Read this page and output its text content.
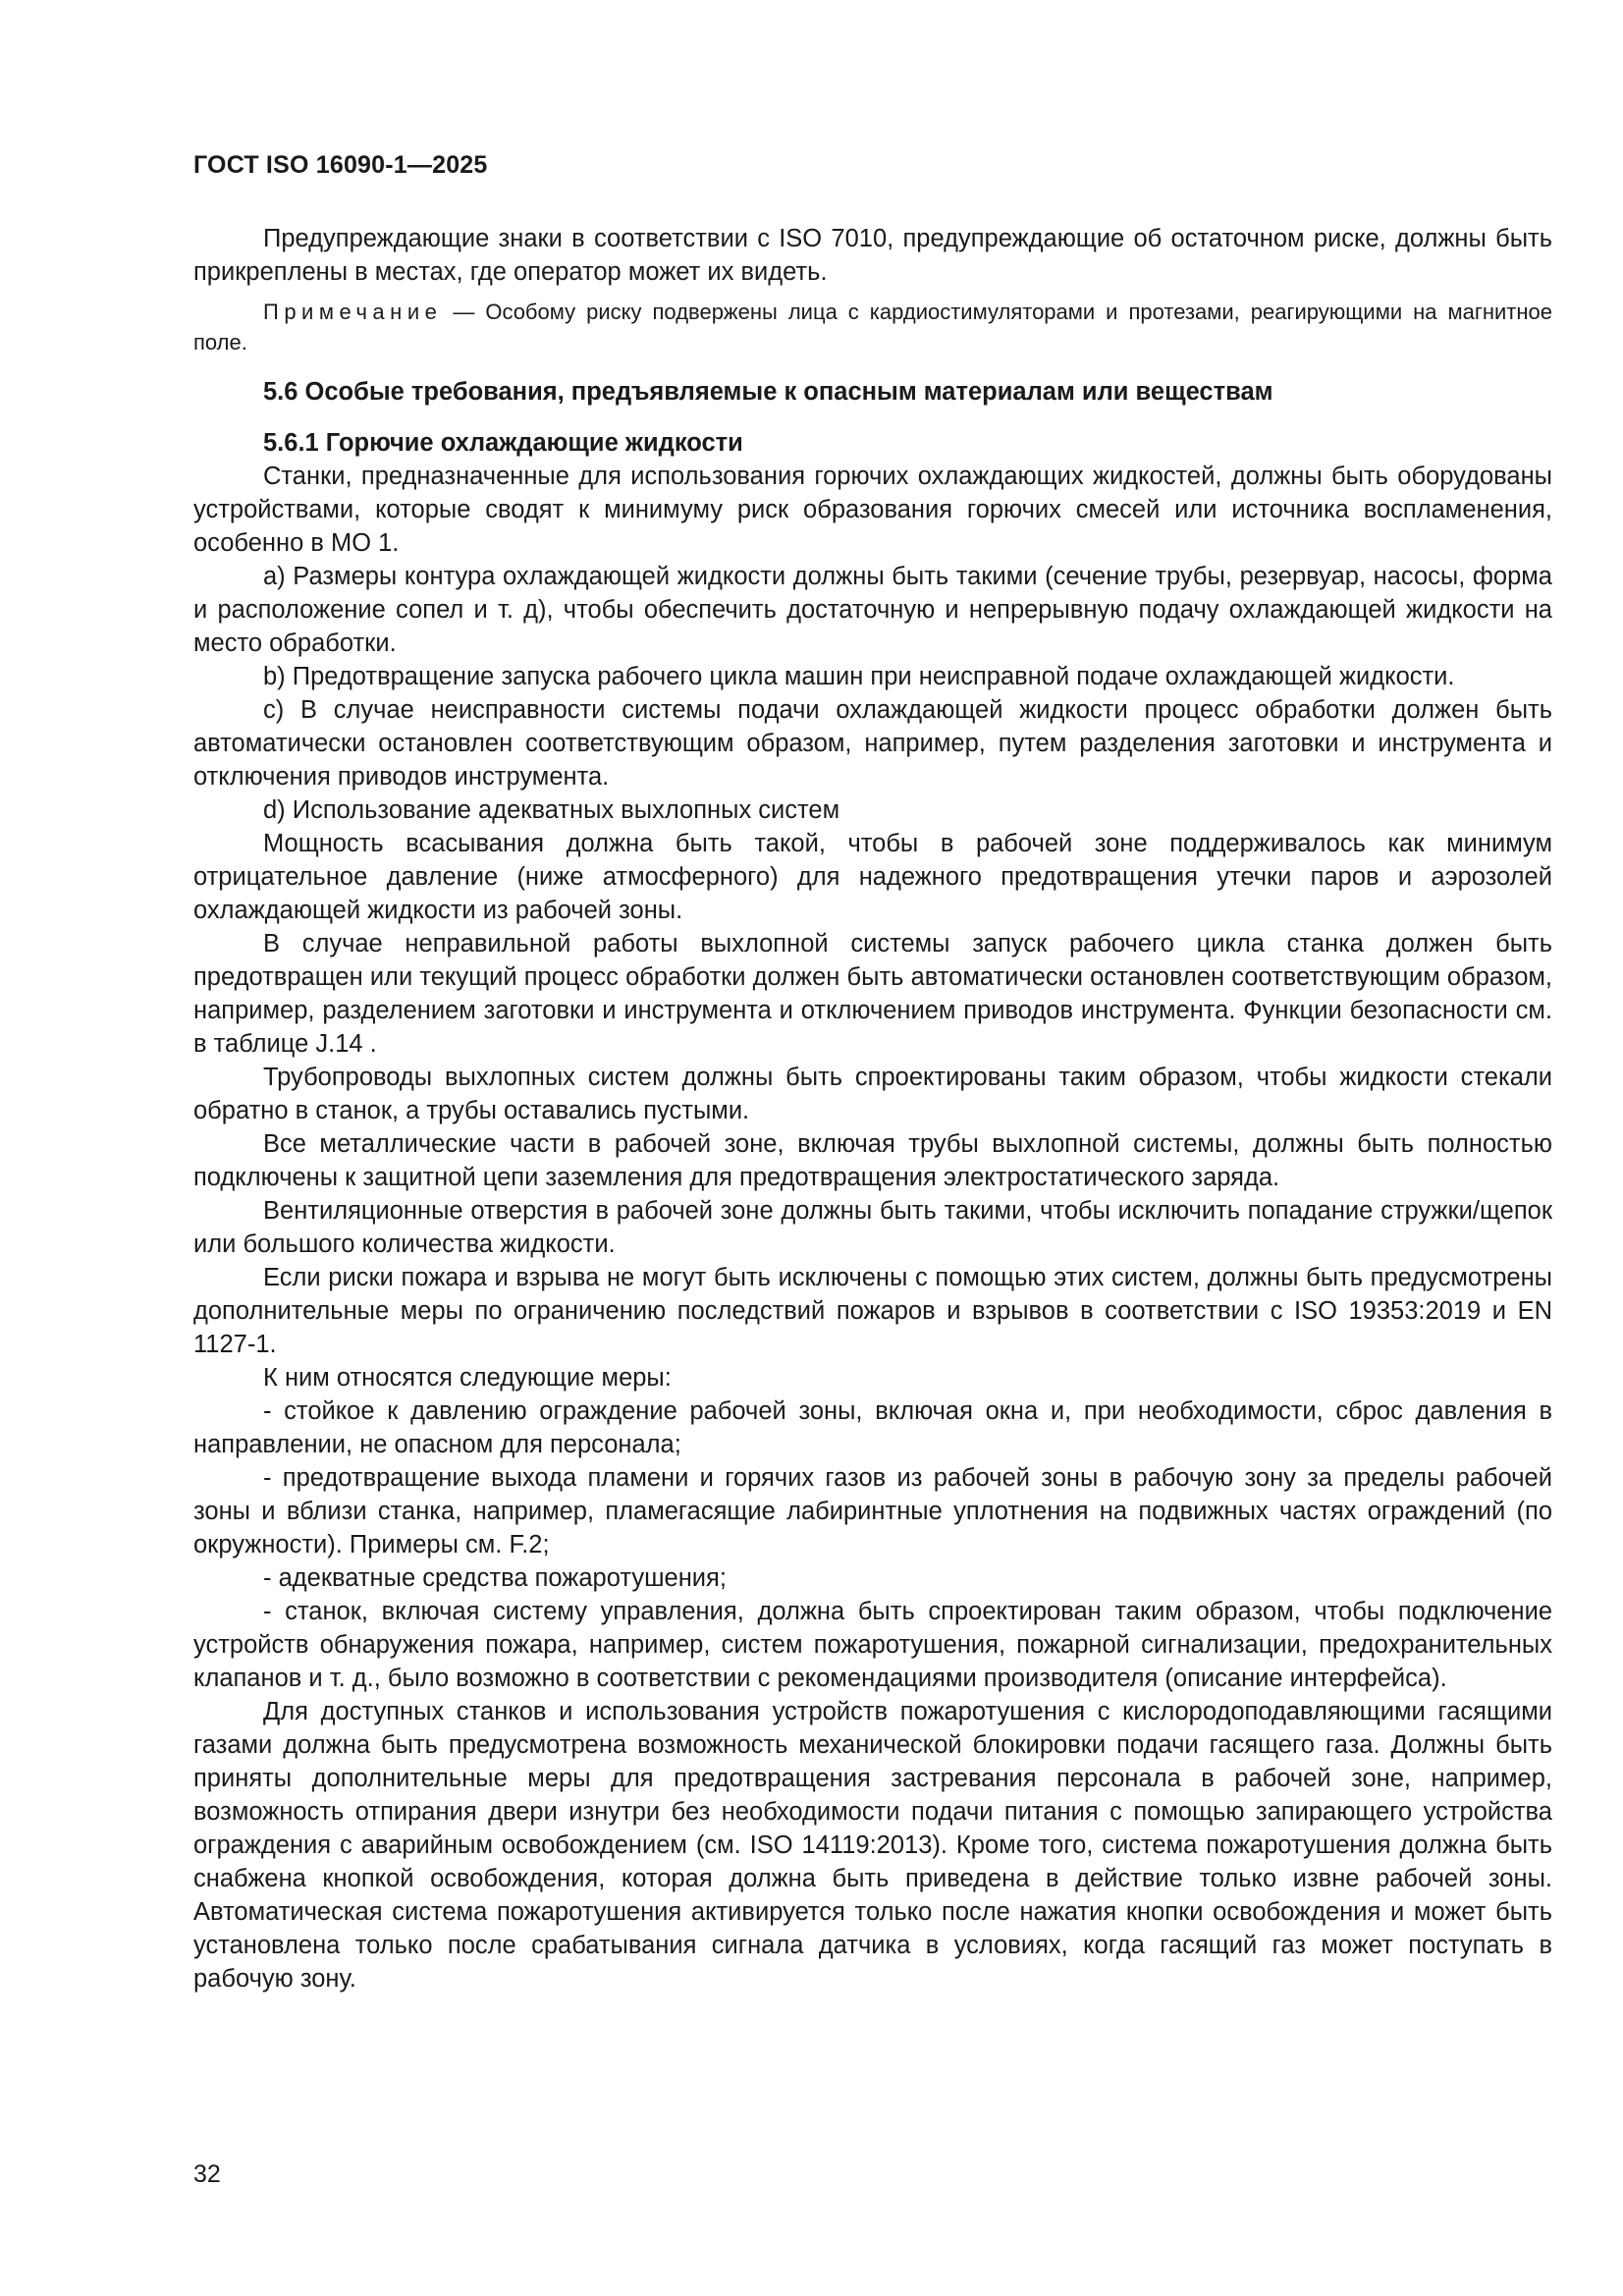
ГОСТ ISO 16090-1—2025

Предупреждающие знаки в соответствии с ISO 7010, предупреждающие об остаточном риске, должны быть прикреплены в местах, где оператор может их видеть.

Примечание — Особому риску подвержены лица с кардиостимуляторами и протезами, реагирующими на магнитное поле.

5.6 Особые требования, предъявляемые к опасным материалам или веществам
5.6.1 Горючие охлаждающие жидкости

Станки, предназначенные для использования горючих охлаждающих жидкостей, должны быть оборудованы устройствами, которые сводят к минимуму риск образования горючих смесей или источника воспламенения, особенно в МО 1.

a) Размеры контура охлаждающей жидкости должны быть такими (сечение трубы, резервуар, насосы, форма и расположение сопел и т. д), чтобы обеспечить достаточную и непрерывную подачу охлаждающей жидкости на место обработки.

b) Предотвращение запуска рабочего цикла машин при неисправной подаче охлаждающей жидкости.

c) В случае неисправности системы подачи охлаждающей жидкости процесс обработки должен быть автоматически остановлен соответствующим образом, например, путем разделения заготовки и инструмента и отключения приводов инструмента.

d) Использование адекватных выхлопных систем

Мощность всасывания должна быть такой, чтобы в рабочей зоне поддерживалось как минимум отрицательное давление (ниже атмосферного) для надежного предотвращения утечки паров и аэрозолей охлаждающей жидкости из рабочей зоны.

В случае неправильной работы выхлопной системы запуск рабочего цикла станка должен быть предотвращен или текущий процесс обработки должен быть автоматически остановлен соответствующим образом, например, разделением заготовки и инструмента и отключением приводов инструмента. Функции безопасности см. в таблице J.14 .

Трубопроводы выхлопных систем должны быть спроектированы таким образом, чтобы жидкости стекали обратно в станок, а трубы оставались пустыми.

Все металлические части в рабочей зоне, включая трубы выхлопной системы, должны быть полностью подключены к защитной цепи заземления для предотвращения электростатического заряда.

Вентиляционные отверстия в рабочей зоне должны быть такими, чтобы исключить попадание стружки/щепок или большого количества жидкости.

Если риски пожара и взрыва не могут быть исключены с помощью этих систем, должны быть предусмотрены дополнительные меры по ограничению последствий пожаров и взрывов в соответствии с ISO 19353:2019 и EN 1127-1.

К ним относятся следующие меры:

- стойкое к давлению ограждение рабочей зоны, включая окна и, при необходимости, сброс давления в направлении, не опасном для персонала;

- предотвращение выхода пламени и горячих газов из рабочей зоны в рабочую зону за пределы рабочей зоны и вблизи станка, например, пламегасящие лабиринтные уплотнения на подвижных частях ограждений (по окружности). Примеры см. F.2;

- адекватные средства пожаротушения;

- станок, включая систему управления, должна быть спроектирован таким образом, чтобы подключение устройств обнаружения пожара, например, систем пожаротушения, пожарной сигнализации, предохранительных клапанов и т. д., было возможно в соответствии с рекомендациями производителя (описание интерфейса).

Для доступных станков и использования устройств пожаротушения с кислородоподавляющими гасящими газами должна быть предусмотрена возможность механической блокировки подачи гасящего газа. Должны быть приняты дополнительные меры для предотвращения застревания персонала в рабочей зоне, например, возможность отпирания двери изнутри без необходимости подачи питания с помощью запирающего устройства ограждения с аварийным освобождением (см. ISO 14119:2013). Кроме того, система пожаротушения должна быть снабжена кнопкой освобождения, которая должна быть приведена в действие только извне рабочей зоны. Автоматическая система пожаротушения активируется только после нажатия кнопки освобождения и может быть установлена только после срабатывания сигнала датчика в условиях, когда гасящий газ может поступать в рабочую зону.

32
